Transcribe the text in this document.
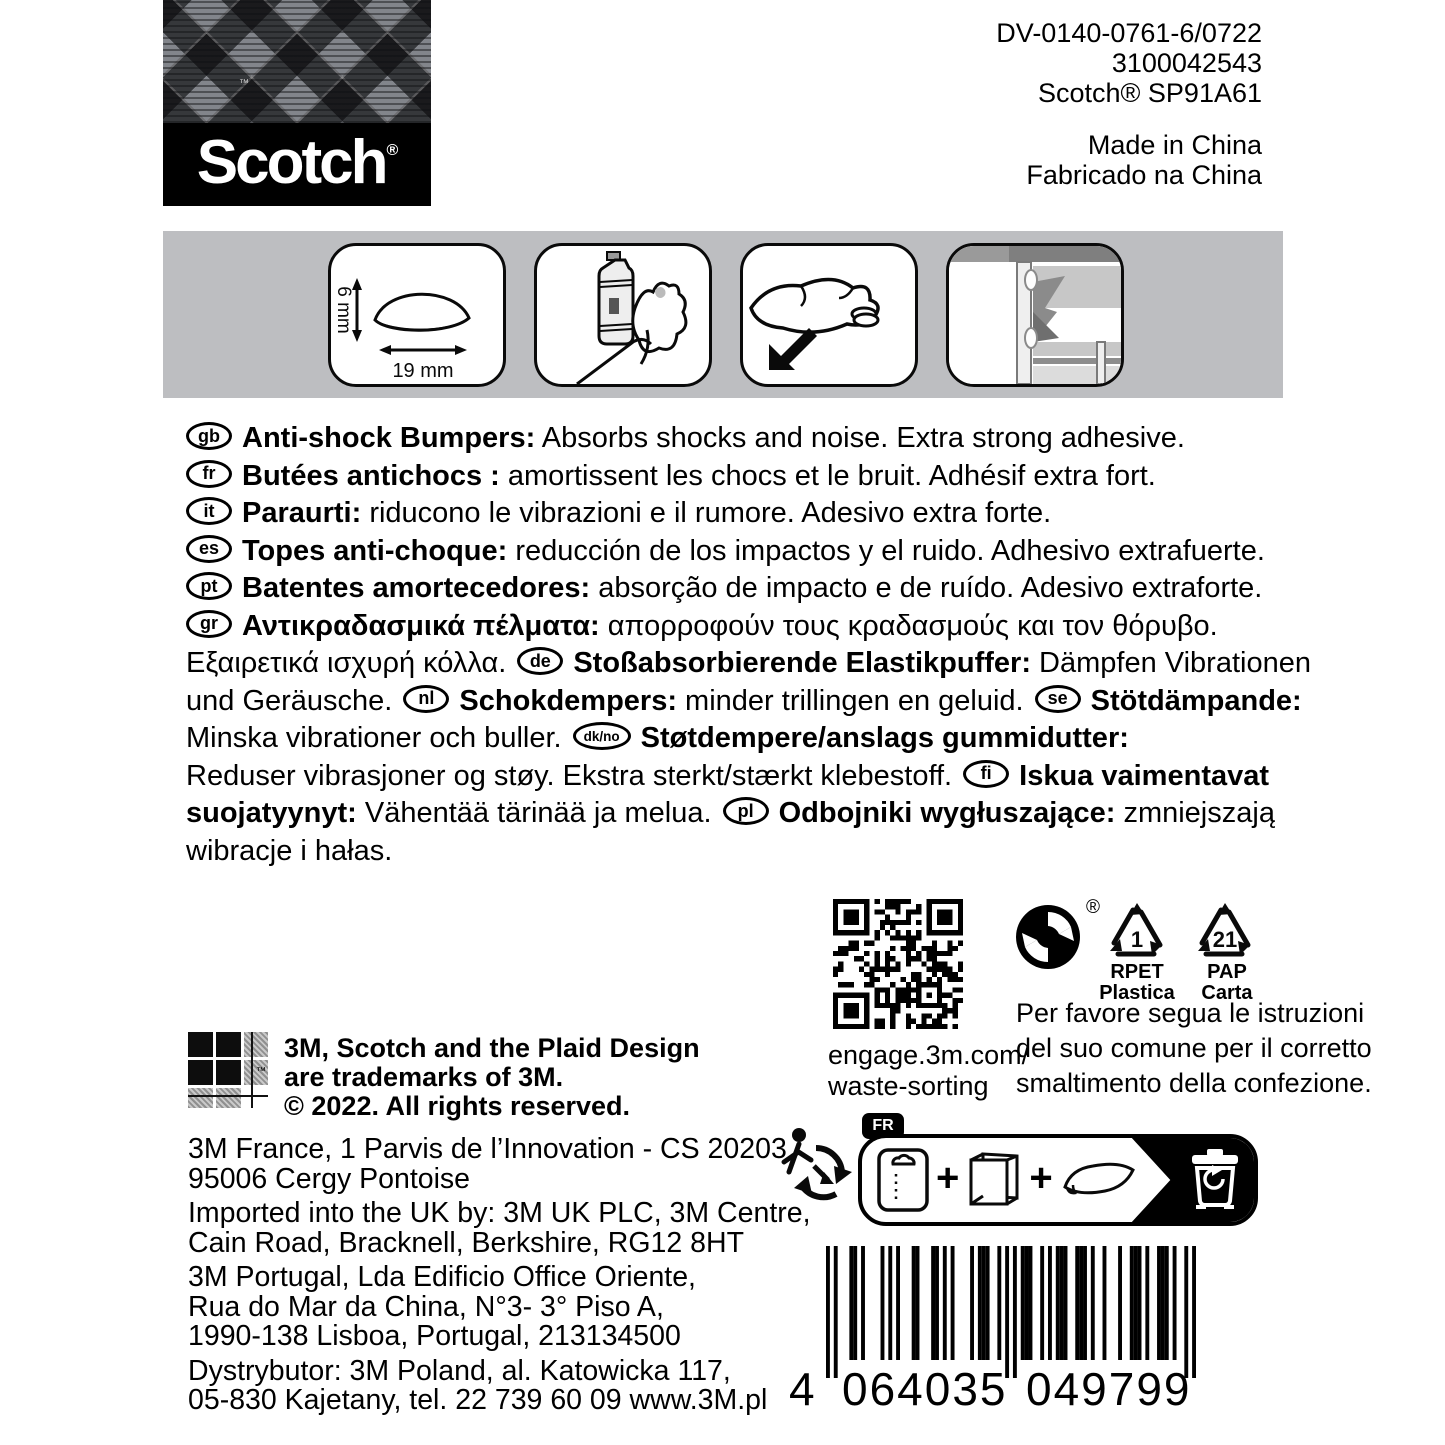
™
Scotch®
DV-0140-0761-6/0722
3100042543
Scotch® SP91A61
Made in China
Fabricado na China
6 mm
19 mm
gb Anti-shock Bumpers: Absorbs shocks and noise. Extra strong adhesive.
fr Butées antichocs : amortissent les chocs et le bruit. Adhésif extra fort.
it Paraurti: riducono le vibrazioni e il rumore. Adesivo extra forte.
es Topes anti-choque: reducción de los impactos y el ruido. Adhesivo extrafuerte.
pt Batentes amortecedores: absorção de impacto e de ruído. Adesivo extraforte.
gr Αντικραδασμικά πέλματα: απορροφούν τους κραδασμούς και τον θόρυβο.
Εξαιρετικά ισχυρή κόλλα. de Stoßabsorbierende Elastikpuffer: Dämpfen Vibrationen
und Geräusche. nl Schokdempers: minder trillingen en geluid. se Stötdämpande:
Minska vibrationer och buller. dk/no Støtdempere/anslags gummidutter:
Reduser vibrasjoner og støy. Ekstra sterkt/stærkt klebestoff. fi Iskua vaimentavat
suojatyynyt: Vähentää tärinää ja melua. pl Odbojniki wygłuszające: zmniejszają
wibracje i hałas.
engage.3m.com/
waste-sorting
®
1
RPET
Plastica
21
PAP
Carta
Per favore segua le istruzioni
del suo comune per il corretto
smaltimento della confezione.
™
3M, Scotch and the Plaid Design
are trademarks of 3M.
© 2022. All rights reserved.
3M France, 1 Parvis de l’Innovation - CS 20203
95006 Cergy Pontoise
Imported into the UK by: 3M UK PLC, 3M Centre,
Cain Road, Bracknell, Berkshire, RG12 8HT
3M Portugal, Lda Edificio Office Oriente,
Rua do Mar da China, N°3- 3° Piso A,
1990-138 Lisboa, Portugal, 213134500
Dystrybutor: 3M Poland, al. Katowicka 117,
05-830 Kajetany, tel. 22 739 60 09 www.3M.pl
FR
+ +
4 064035 049799
